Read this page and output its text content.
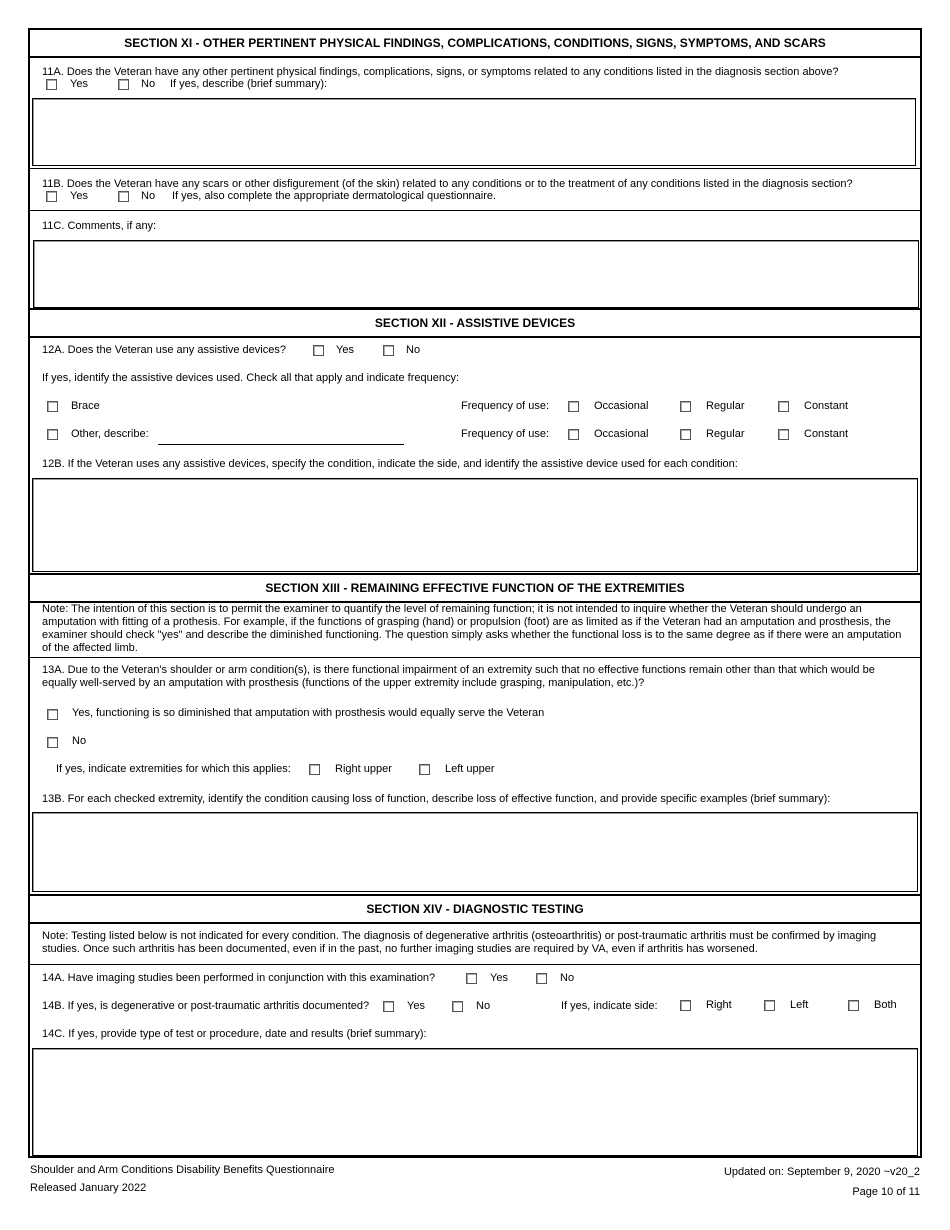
SECTION XI - OTHER PERTINENT PHYSICAL FINDINGS, COMPLICATIONS, CONDITIONS, SIGNS, SYMPTOMS, AND SCARS
11A. Does the Veteran have any other pertinent physical findings, complications, signs, or symptoms related to any conditions listed in the diagnosis section above?
Yes	No If yes, describe (brief summary):
11B. Does the Veteran have any scars or other disfigurement (of the skin) related to any conditions or to the treatment of any conditions listed in the diagnosis section?
Yes	No If yes, also complete the appropriate dermatological questionnaire.
11C. Comments, if any:
SECTION XII - ASSISTIVE DEVICES
12A. Does the Veteran use any assistive devices?	Yes	No
If yes, identify the assistive devices used. Check all that apply and indicate frequency:
Brace	Frequency of use:	Occasional	Regular	Constant
Other, describe:	Frequency of use:	Occasional	Regular	Constant
12B. If the Veteran uses any assistive devices, specify the condition, indicate the side, and identify the assistive device used for each condition:
SECTION XIII - REMAINING EFFECTIVE FUNCTION OF THE EXTREMITIES
Note: The intention of this section is to permit the examiner to quantify the level of remaining function; it is not intended to inquire whether the Veteran should undergo an amputation with fitting of a prothesis. For example, if the functions of grasping (hand) or propulsion (foot) are as limited as if the Veteran had an amputation and prosthesis, the examiner should check "yes" and describe the diminished functioning. The question simply asks whether the functional loss is to the same degree as if there were an amputation of the affected limb.
13A. Due to the Veteran's shoulder or arm condition(s), is there functional impairment of an extremity such that no effective functions remain other than that which would be equally well-served by an amputation with prosthesis (functions of the upper extremity include grasping, manipulation, etc.)?
Yes, functioning is so diminished that amputation with prosthesis would equally serve the Veteran
No
If yes, indicate extremities for which this applies:	Right upper	Left upper
13B. For each checked extremity, identify the condition causing loss of function, describe loss of effective function, and provide specific examples (brief summary):
SECTION XIV - DIAGNOSTIC TESTING
Note: Testing listed below is not indicated for every condition. The diagnosis of degenerative arthritis (osteoarthritis) or post-traumatic arthritis must be confirmed by imaging studies. Once such arthritis has been documented, even if in the past, no further imaging studies are required by VA, even if arthritis has worsened.
14A. Have imaging studies been performed in conjunction with this examination?	Yes	No
14B. If yes, is degenerative or post-traumatic arthritis documented?	Yes	No	If yes, indicate side:	Right	Left	Both
14C. If yes, provide type of test or procedure, date and results (brief summary):
Shoulder and Arm Conditions Disability Benefits Questionnaire
Released January 2022
Updated on: September 9, 2020 ~v20_2
Page 10 of 11
